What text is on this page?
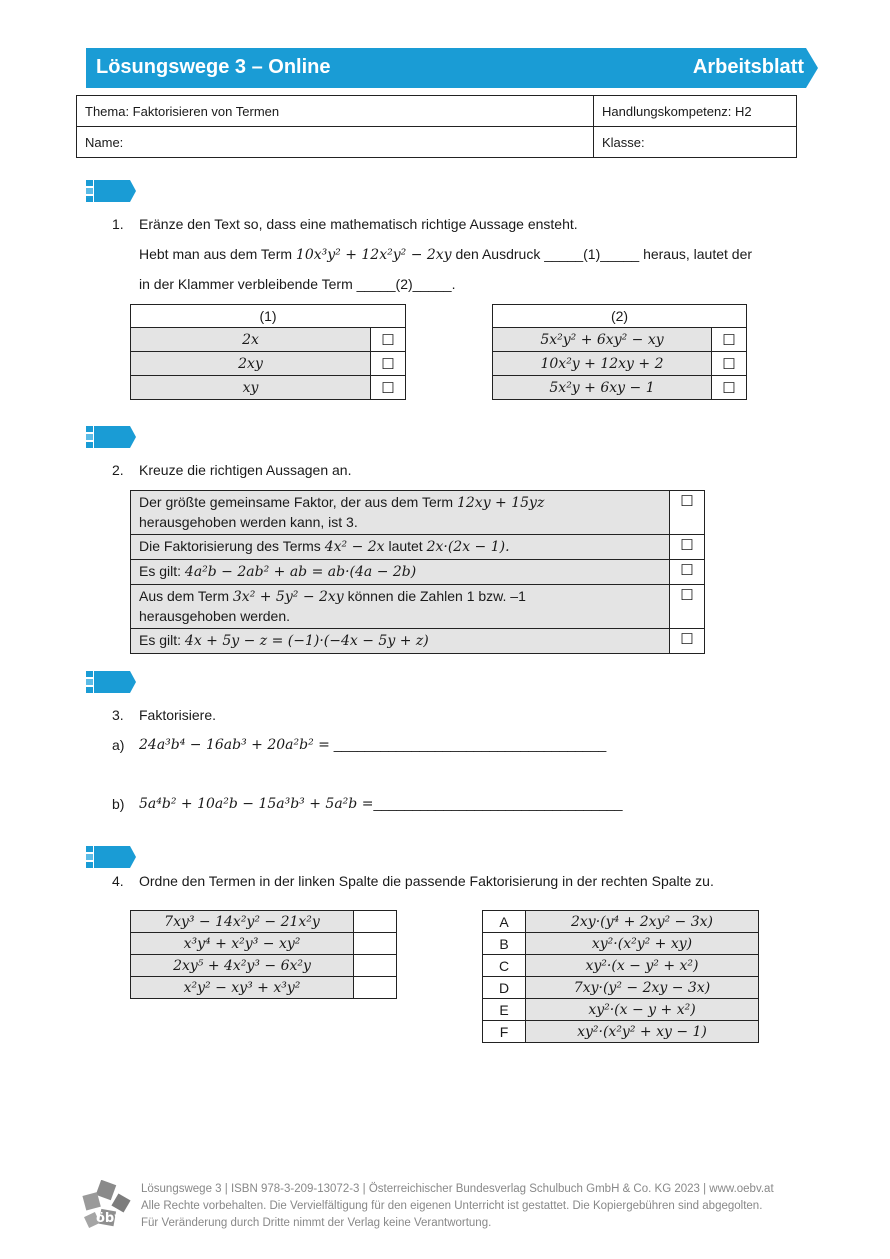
Lösungswege 3 – Online	Arbeitsblatt
Thema: Faktorisieren von Termen	Handlungskompetenz: H2
Name:	Klasse:
1. Eränze den Text so, dass eine mathematisch richtige Aussage ensteht.
Hebt man aus dem Term 10x³y² + 12x²y² − 2xy den Ausdruck _____(1)_____ heraus, lautet der
in der Klammer verbleibende Term _____(2)_____.
(1)	
2x	☐
2xy	☐
xy	☐
(2)	
5x²y² + 6xy² − xy	☐
10x²y + 12xy + 2	☐
5x²y + 6xy − 1	☐
2. Kreuze die richtigen Aussagen an.
Der größte gemeinsame Faktor, der aus dem Term 12xy + 15yz
herausgehoben werden kann, ist 3.	☐
Die Faktorisierung des Terms 4x² − 2x lautet 2x·(2x − 1).	☐
Es gilt: 4a²b − 2ab² + ab = ab·(4a − 2b)	☐
Aus dem Term 3x² + 5y² − 2xy können die Zahlen 1 bzw. –1
herausgehoben werden.	☐
Es gilt: 4x + 5y − z = (−1)·(−4x − 5y + z)	☐
3. Faktorisiere.
a) 24a³b⁴ − 16ab³ + 20a²b² = ___________________________________
b) 5a⁴b² + 10a²b − 15a³b³ + 5a²b =________________________________
4. Ordne den Termen in der linken Spalte die passende Faktorisierung in der rechten Spalte zu.
7xy³ − 14x²y² − 21x²y	
x³y⁴ + x²y³ − xy²	
2xy⁵ + 4x²y³ − 6x²y	
x²y² − xy³ + x³y²	
A	2xy·(y⁴ + 2xy² − 3x)
B	xy²·(x²y² + xy)
C	xy²·(x − y² + x²)
D	7xy·(y² − 2xy − 3x)
E	xy²·(x − y + x²)
F	xy²·(x²y² + xy − 1)
öbv
Lösungswege 3 | ISBN 978-3-209-13072-3 | Österreichischer Bundesverlag Schulbuch GmbH & Co. KG 2023 | www.oebv.at
Alle Rechte vorbehalten. Die Vervielfältigung für den eigenen Unterricht ist gestattet. Die Kopiergebühren sind abgegolten.
Für Veränderung durch Dritte nimmt der Verlag keine Verantwortung.
